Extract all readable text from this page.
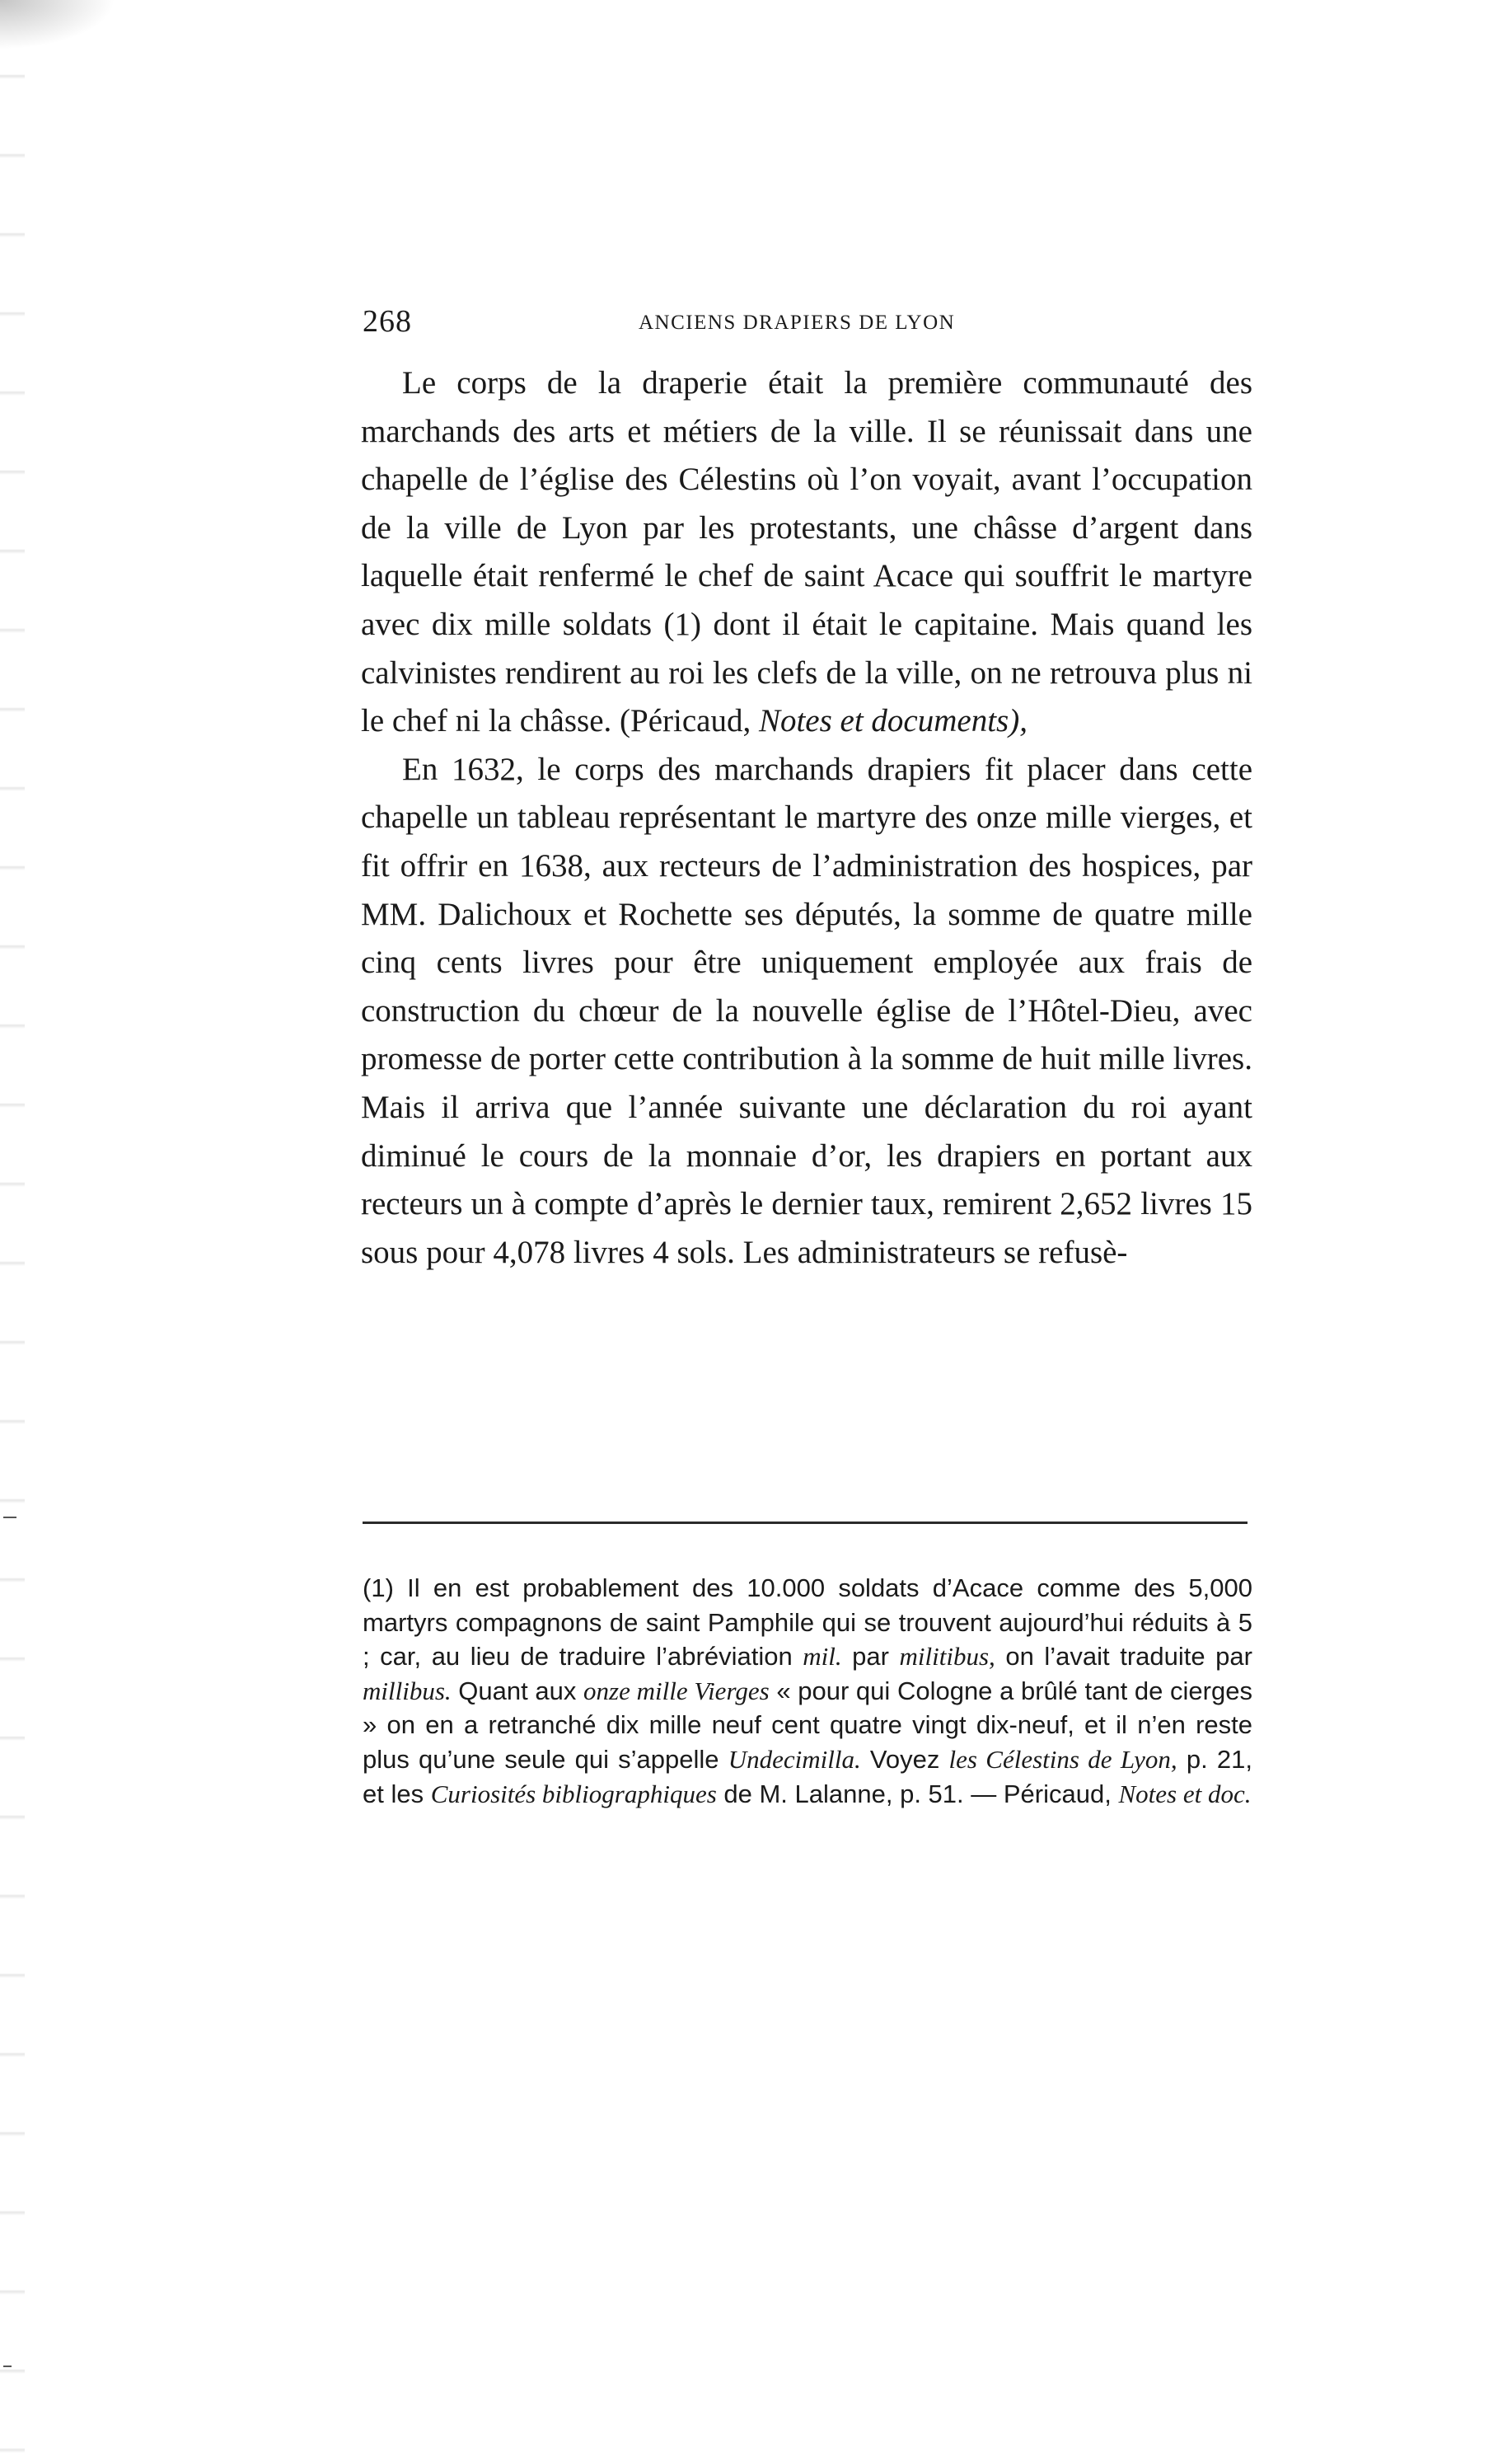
268	ANCIENS DRAPIERS DE LYON

Le corps de la draperie était la première communauté des marchands des arts et métiers de la ville. Il se réunissait dans une chapelle de l’église des Célestins où l’on voyait, avant l’occupation de la ville de Lyon par les protestants, une châsse d’argent dans laquelle était renfermé le chef de saint Acace qui souffrit le martyre avec dix mille soldats (1) dont il était le capitaine. Mais quand les calvinistes rendirent au roi les clefs de la ville, on ne retrouva plus ni le chef ni la châsse. (Péricaud, Notes et documents),

En 1632, le corps des marchands drapiers fit placer dans cette chapelle un tableau représentant le martyre des onze mille vierges, et fit offrir en 1638, aux recteurs de l’administration des hospices, par MM. Dalichoux et Rochette ses députés, la somme de quatre mille cinq cents livres pour être uniquement employée aux frais de construction du chœur de la nouvelle église de l’Hôtel-Dieu, avec promesse de porter cette contribution à la somme de huit mille livres. Mais il arriva que l’année suivante une déclaration du roi ayant diminué le cours de la monnaie d’or, les drapiers en portant aux recteurs un à compte d’après le dernier taux, remirent 2,652 livres 15 sous pour 4,078 livres 4 sols. Les administrateurs se refusè-

(1) Il en est probablement des 10.000 soldats d’Acace comme des 5,000 martyrs compagnons de saint Pamphile qui se trouvent aujourd’hui réduits à 5 ; car, au lieu de traduire l’abréviation mil. par militibus, on l’avait traduite par millibus. Quant aux onze mille Vierges « pour qui Cologne a brûlé tant de cierges » on en a retranché dix mille neuf cent quatre vingt dix-neuf, et il n’en reste plus qu’une seule qui s’appelle Undecimilla. Voyez les Célestins de Lyon, p. 21, et les Curiosités bibliographiques de M. Lalanne, p. 51. — Péricaud, Notes et doc.
